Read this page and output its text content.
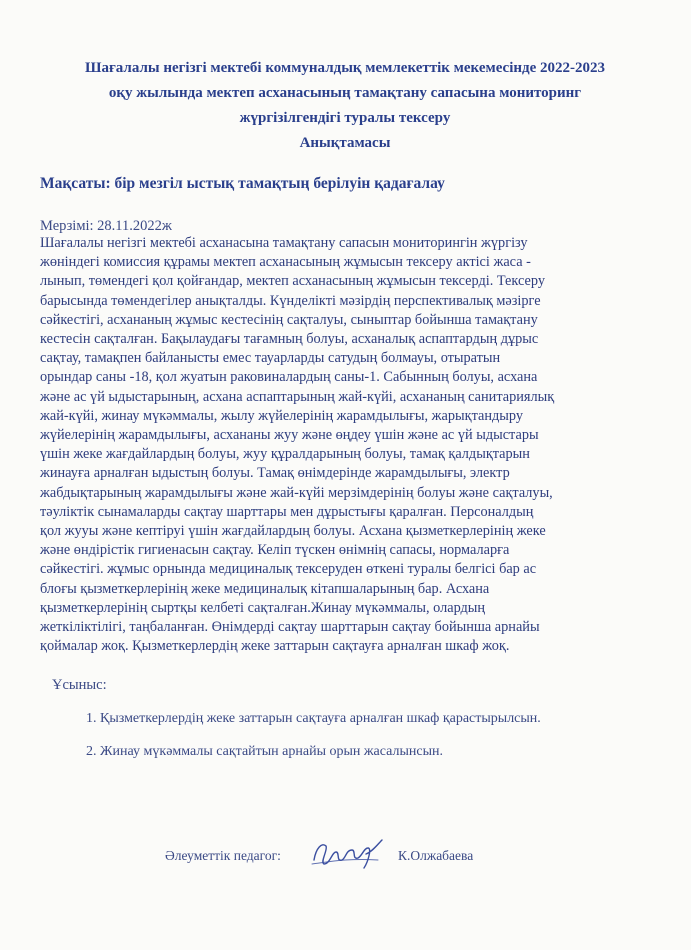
Шағалалы негізгі мектебі коммуналдық мемлекеттік мекемесінде 2022-2023
оқу жылында мектеп асханасының тамақтану сапасына мониторинг
жүргізілгендігі туралы тексеру
Анықтамасы
Мақсаты: бір мезгіл ыстық тамақтың берілуін қадағалау
Мерзімі: 28.11.2022ж
Шағалалы негізгі мектебі асханасына тамақтану сапасын мониторингін жүргізу
жөніндегі комиссия құрамы мектеп асханасының жұмысын тексеру актісі жаса -
лынып, төмендегі қол қойғандар, мектеп асханасының жұмысын тексерді. Тексеру
барысында төмендегілер анықталды. Күнделікті мәзірдің перспективалық мәзірге
сәйкестігі, асхананың жұмыс кестесінің сақталуы, сыныптар бойынша тамақтану
кестесін сақталған. Бақылаудағы тағамның болуы, асханалық аспаптардың дұрыс
сақтау, тамақпен байланысты емес тауарларды сатудың болмауы, отыратын
орындар саны -18, қол жуатын раковиналардың саны-1. Сабынның болуы, асхана
және ас үй ыдыстарының, асхана аспаптарының жай-күйі, асхананың санитариялық
жай-күйі, жинау мүкәммалы, жылу жүйелерінің жарамдылығы, жарықтандыру
жүйелерінің жарамдылығы, асхананы жуу және өңдеу үшін және ас үй ыдыстары
үшін жеке жағдайлардың болуы, жуу құралдарының болуы, тамақ қалдықтарын
жинауға арналған ыдыстың болуы. Тамақ өнімдерінде жарамдылығы, электр
жабдықтарының жарамдылығы және жай-күйі мерзімдерінің болуы және сақталуы,
тәуліктік сынамаларды сақтау шарттары мен дұрыстығы қаралған. Персоналдың
қол жууы және кептіруі үшін жағдайлардың болуы. Асхана қызметкерлерінің жеке
және өндірістік гигиенасын сақтау. Келіп түскен өнімнің сапасы, нормаларға
сәйкестігі. жұмыс орнында медициналық тексеруден өткені туралы белгісі бар ас
блоғы қызметкерлерінің жеке медициналық кітапшаларының бар. Асхана
қызметкерлерінің сыртқы келбеті сақталған.Жинау мүкәммалы, олардың
жеткіліктілігі, таңбаланған. Өнімдерді сақтау шарттарын сақтау бойынша арнайы
қоймалар жоқ. Қызметкерлердің жеке заттарын сақтауға арналған шкаф жоқ.
Ұсыныс:
1. Қызметкерлердің жеке заттарын сақтауға арналған шкаф қарастырылсын.
2. Жинау мүкәммалы сақтайтын арнайы орын жасалынсын.
Әлеуметтік педагог:	К.Олжабаева
